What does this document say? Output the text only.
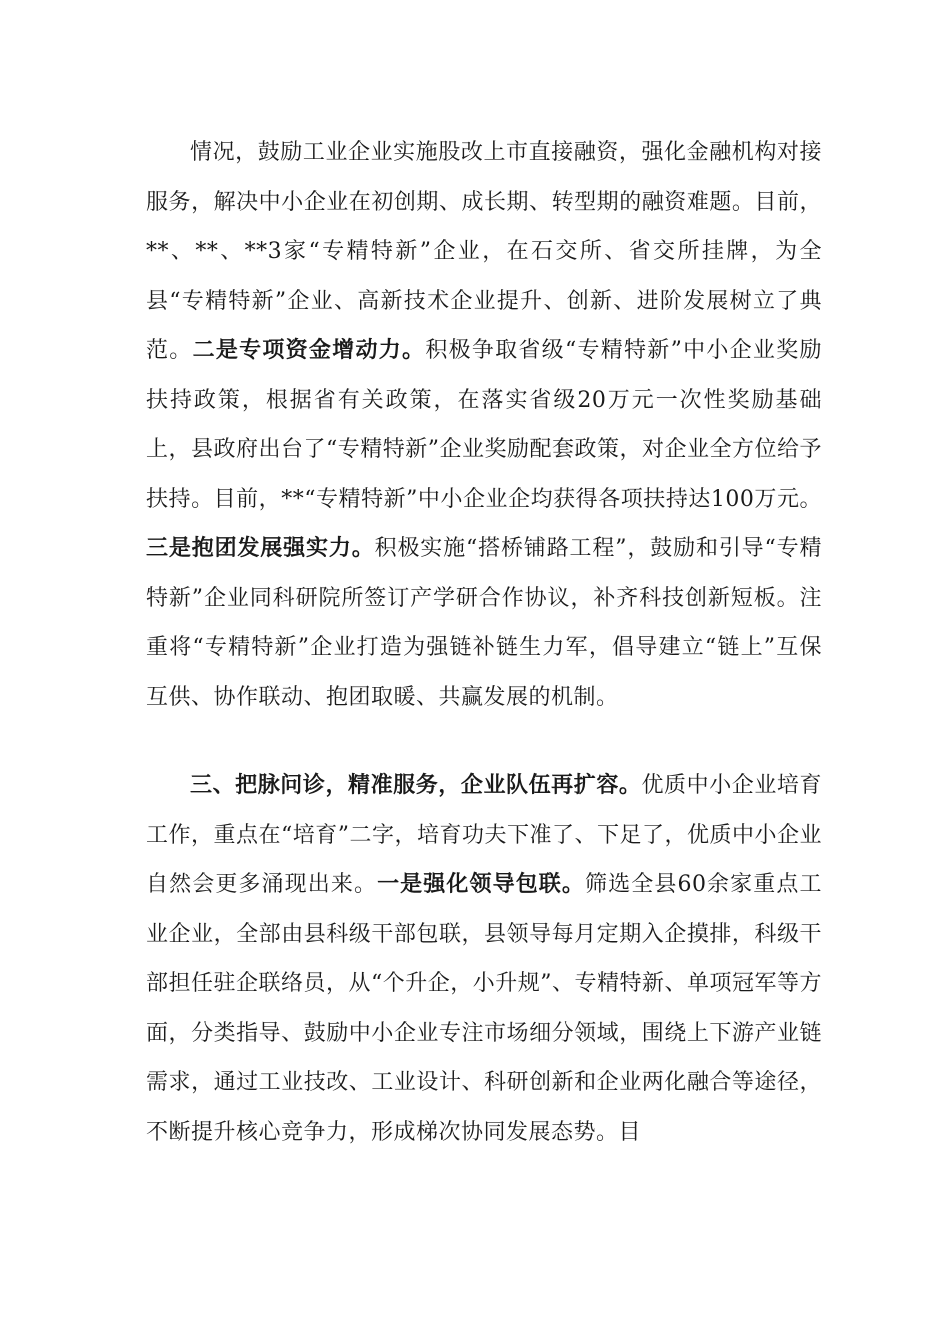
情况，鼓励工业企业实施股改上市直接融资，强化金融机构对接服务，解决中小企业在初创期、成长期、转型期的融资难题。目前，**、**、**3家“专精特新”企业，在石交所、省交所挂牌，为全县“专精特新”企业、高新技术企业提升、创新、进阶发展树立了典范。二是专项资金增动力。积极争取省级“专精特新”中小企业奖励扶持政策，根据省有关政策，在落实省级20万元一次性奖励基础上，县政府出台了“专精特新”企业奖励配套政策，对企业全方位给予扶持。目前，**“专精特新”中小企业企均获得各项扶持达100万元。三是抱团发展强实力。积极实施“搭桥铺路工程”，鼓励和引导“专精特新”企业同科研院所签订产学研合作协议，补齐科技创新短板。注重将“专精特新”企业打造为强链补链生力军，倡导建立“链上”互保互供、协作联动、抱团取暖、共赢发展的机制。

三、把脉问诊，精准服务，企业队伍再扩容。优质中小企业培育工作，重点在“培育”二字，培育功夫下准了、下足了，优质中小企业自然会更多涌现出来。一是强化领导包联。筛选全县60余家重点工业企业，全部由县科级干部包联，县领导每月定期入企摸排，科级干部担任驻企联络员，从“个升企，小升规”、专精特新、单项冠军等方面，分类指导、鼓励中小企业专注市场细分领域，围绕上下游产业链需求，通过工业技改、工业设计、科研创新和企业两化融合等途径，不断提升核心竞争力，形成梯次协同发展态势。目
